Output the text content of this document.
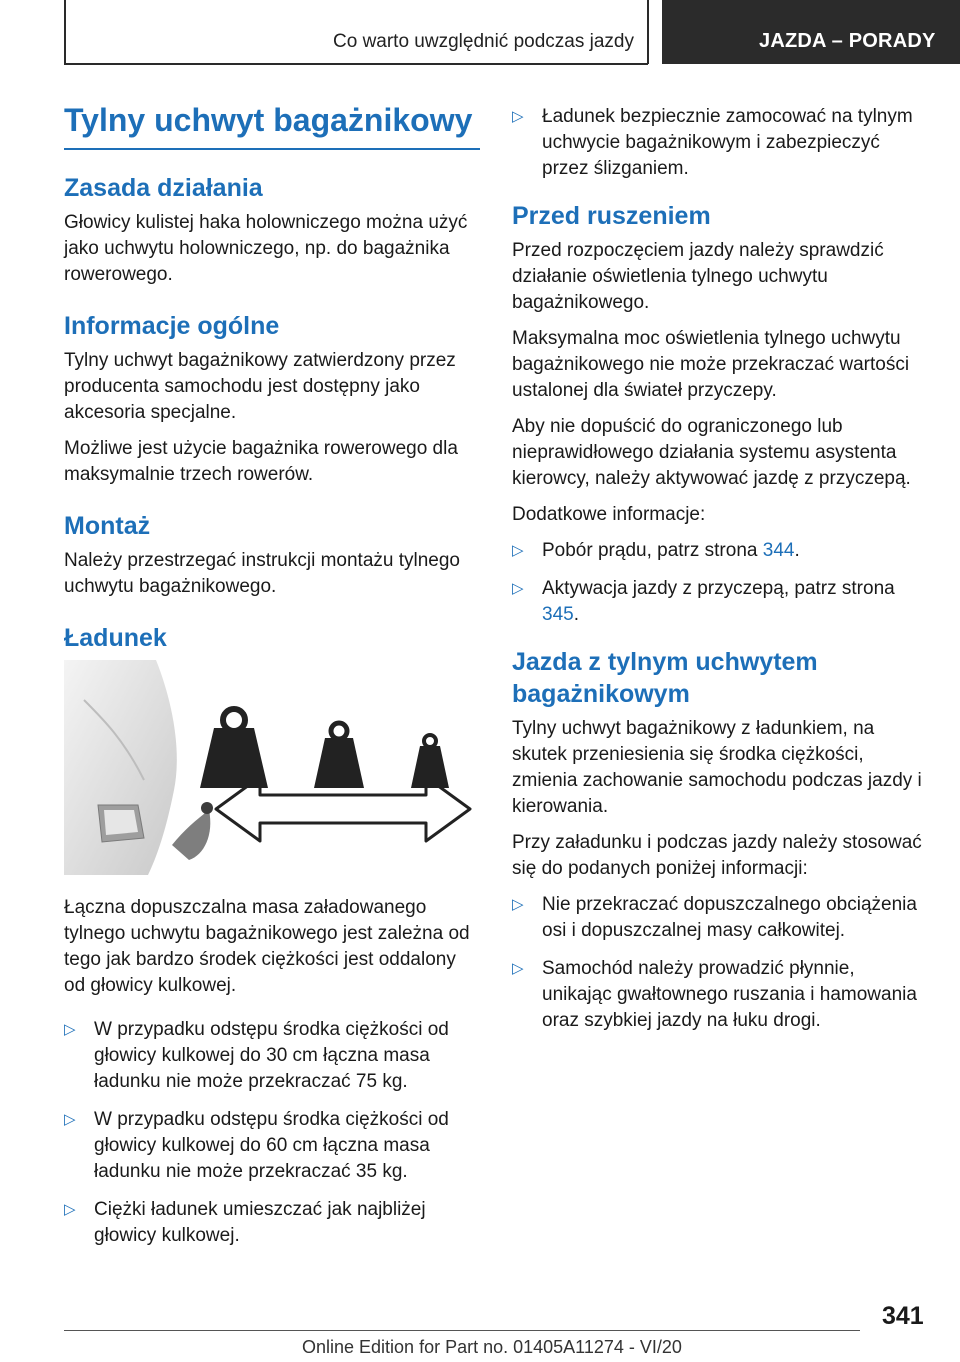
Co warto uwzględnić podczas jazdy	JAZDA – PORADY
Tylny uchwyt bagażnikowy
Zasada działania

Głowicy kulistej haka holowniczego można użyć jako uchwytu holowniczego, np. do bagażnika rowerowego.

Informacje ogólne

Tylny uchwyt bagażnikowy zatwierdzony przez producenta samochodu jest dostępny jako akcesoria specjalne.

Możliwe jest użycie bagażnika rowerowego dla maksymalnie trzech rowerów.

Montaż

Należy przestrzegać instrukcji montażu tylnego uchwytu bagażnikowego.

Ładunek

Łączna dopuszczalna masa załadowanego tylnego uchwytu bagażnikowego jest zależna od tego jak bardzo środek ciężkości jest oddalony od głowicy kulkowej.

▷ W przypadku odstępu środka ciężkości od głowicy kulkowej do 30 cm łączna masa ładunku nie może przekraczać 75 kg.
▷ W przypadku odstępu środka ciężkości od głowicy kulkowej do 60 cm łączna masa ładunku nie może przekraczać 35 kg.
▷ Ciężki ładunek umieszczać jak najbliżej głowicy kulkowej.
▷ Ładunek bezpiecznie zamocować na tylnym uchwycie bagażnikowym i zabezpieczyć przez ślizganiem.
Przed ruszeniem

Przed rozpoczęciem jazdy należy sprawdzić działanie oświetlenia tylnego uchwytu bagażnikowego.

Maksymalna moc oświetlenia tylnego uchwytu bagażnikowego nie może przekraczać wartości ustalonej dla świateł przyczepy.

Aby nie dopuścić do ograniczonego lub nieprawidłowego działania systemu asystenta kierowcy, należy aktywować jazdę z przyczepą.

Dodatkowe informacje:

▷ Pobór prądu, patrz strona 344.
▷ Aktywacja jazdy z przyczepą, patrz strona 345.
Jazda z tylnym uchwytem bagażnikowym

Tylny uchwyt bagażnikowy z ładunkiem, na skutek przeniesienia się środka ciężkości, zmienia zachowanie samochodu podczas jazdy i kierowania.

Przy załadunku i podczas jazdy należy stosować się do podanych poniżej informacji:

▷ Nie przekraczać dopuszczalnego obciążenia osi i dopuszczalnej masy całkowitej.
▷ Samochód należy prowadzić płynnie, unikając gwałtownego ruszania i hamowania oraz szybkiej jazdy na łuku drogi.
341
Online Edition for Part no. 01405A11274 - VI/20
